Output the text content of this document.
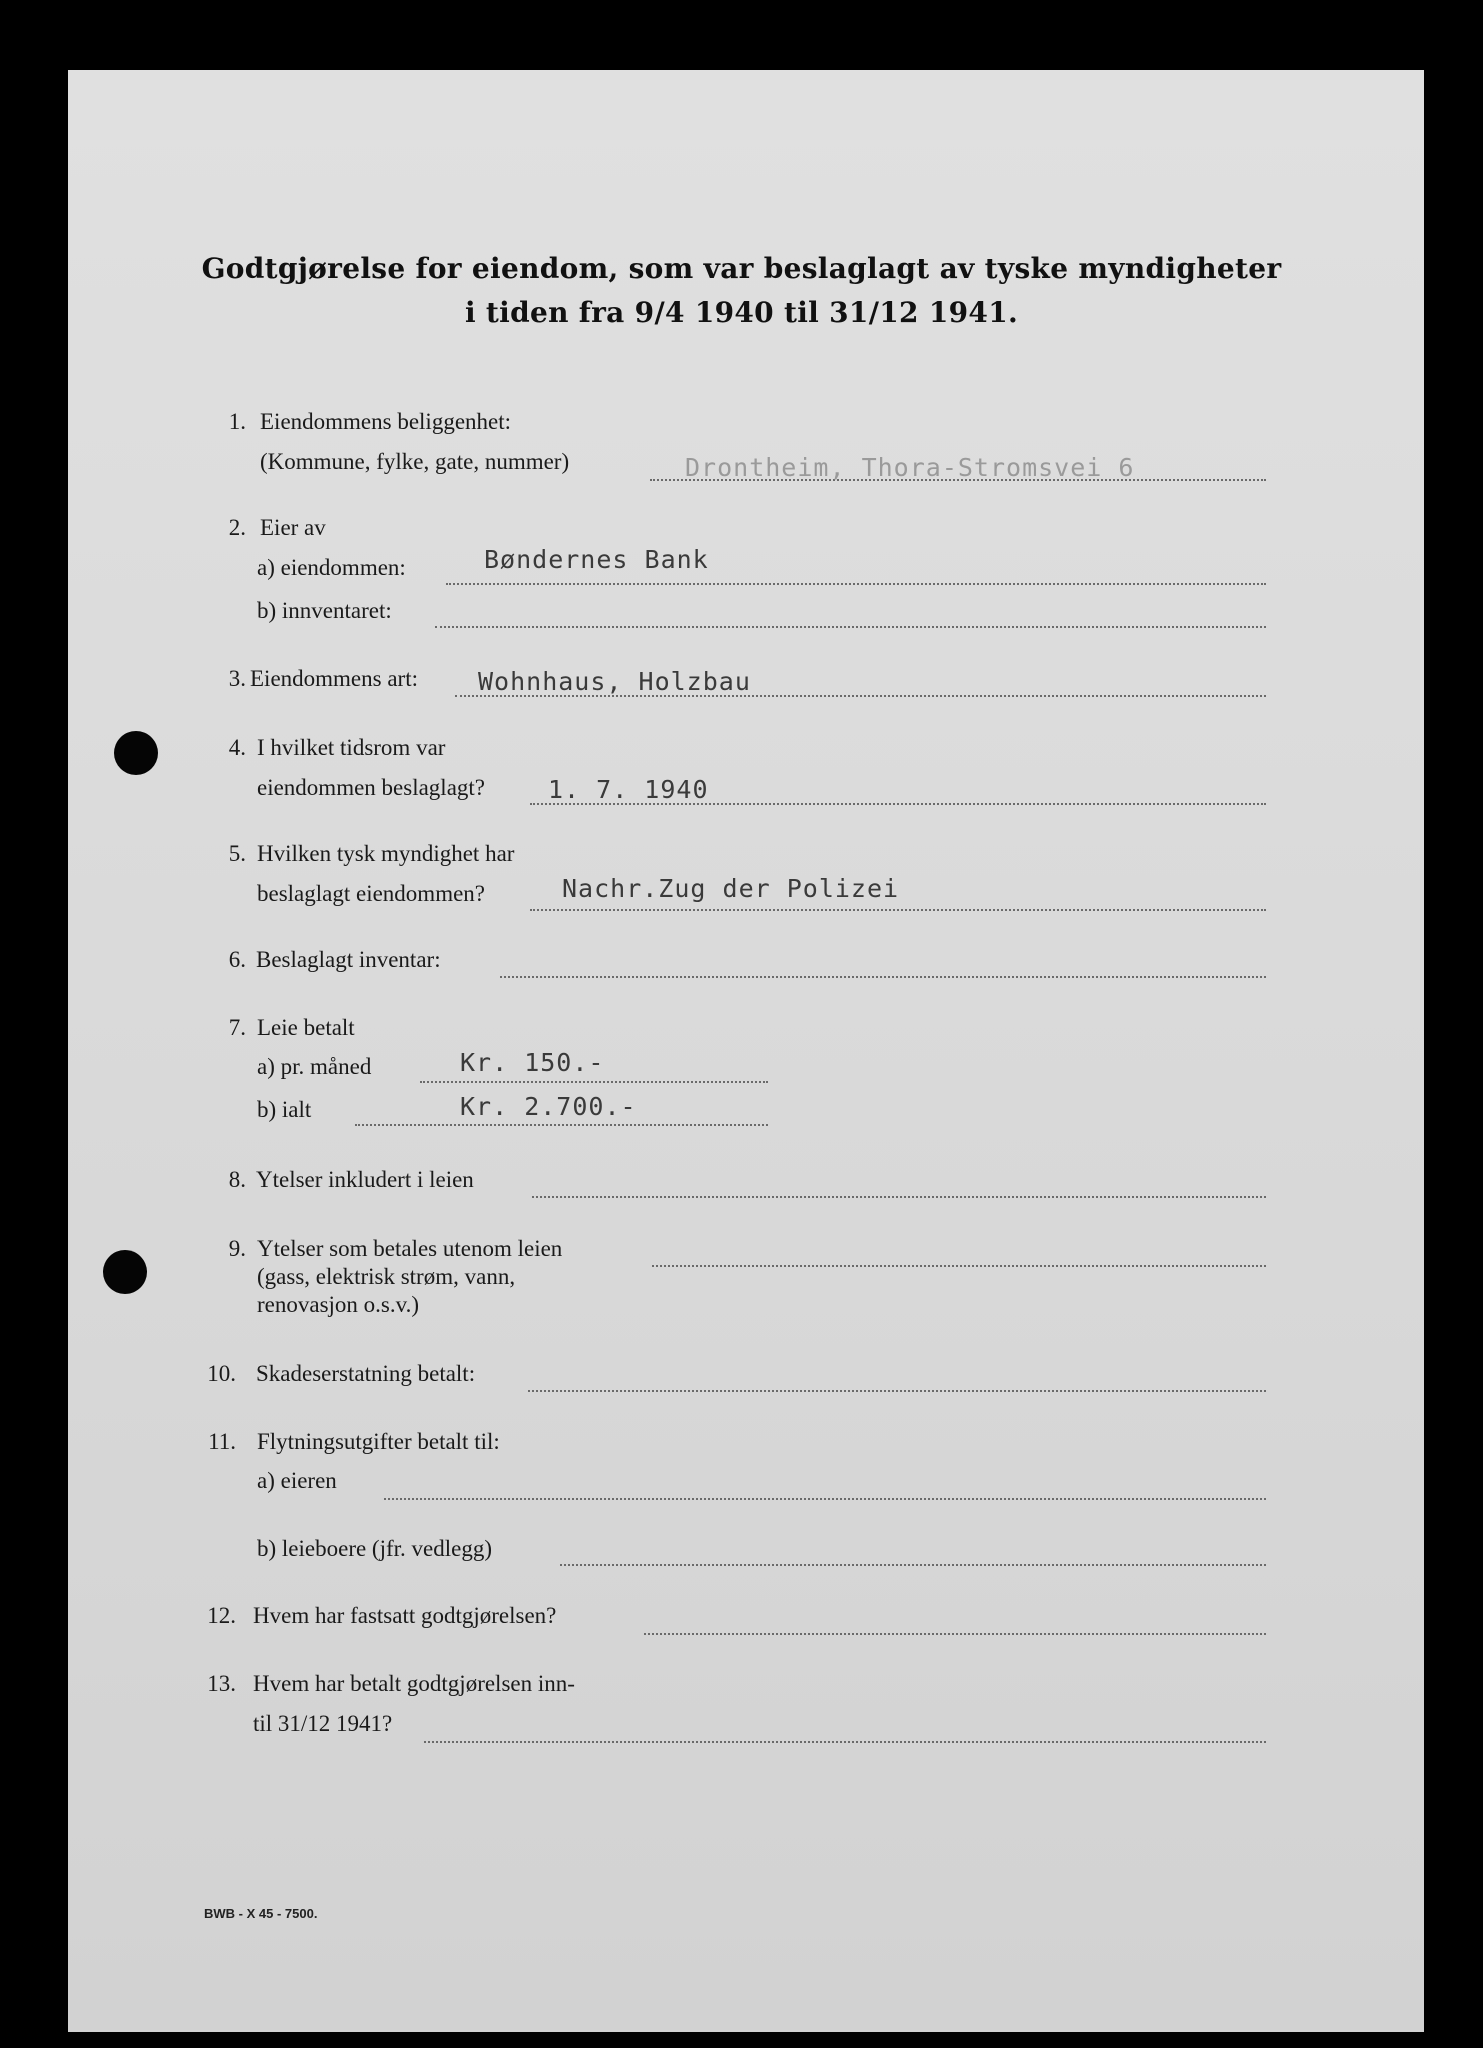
Godtgjørelse for eiendom, som var beslaglagt av tyske myndigheter
i tiden fra 9/4 1940 til 31/12 1941.
1. Eiendommens beliggenhet:
(Kommune, fylke, gate, nummer)	Drontheim, Thora-Stromsvei 6
2. Eier av
a) eiendommen:	Bøndernes Bank
b) innventaret:
3. Eiendommens art: Wohnhaus, Holzbau
4. I hvilket tidsrom var
eiendommen beslaglagt?	1. 7. 1940
5. Hvilken tysk myndighet har
beslaglagt eiendommen?	Nachr.Zug der Polizei
6. Beslaglagt inventar:
7. Leie betalt
a) pr. måned	Kr. 150.-
b) ialt	Kr. 2.700.-
8. Ytelser inkludert i leien
9. Ytelser som betales utenom leien
(gass, elektrisk strøm, vann,
renovasjon o.s.v.)
10. Skadeserstatning betalt:
11. Flytningsutgifter betalt til:
a) eieren
b) leieboere (jfr. vedlegg)
12. Hvem har fastsatt godtgjørelsen?
13. Hvem har betalt godtgjørelsen inn-
til 31/12 1941?
BWB - X 45 - 7500.
